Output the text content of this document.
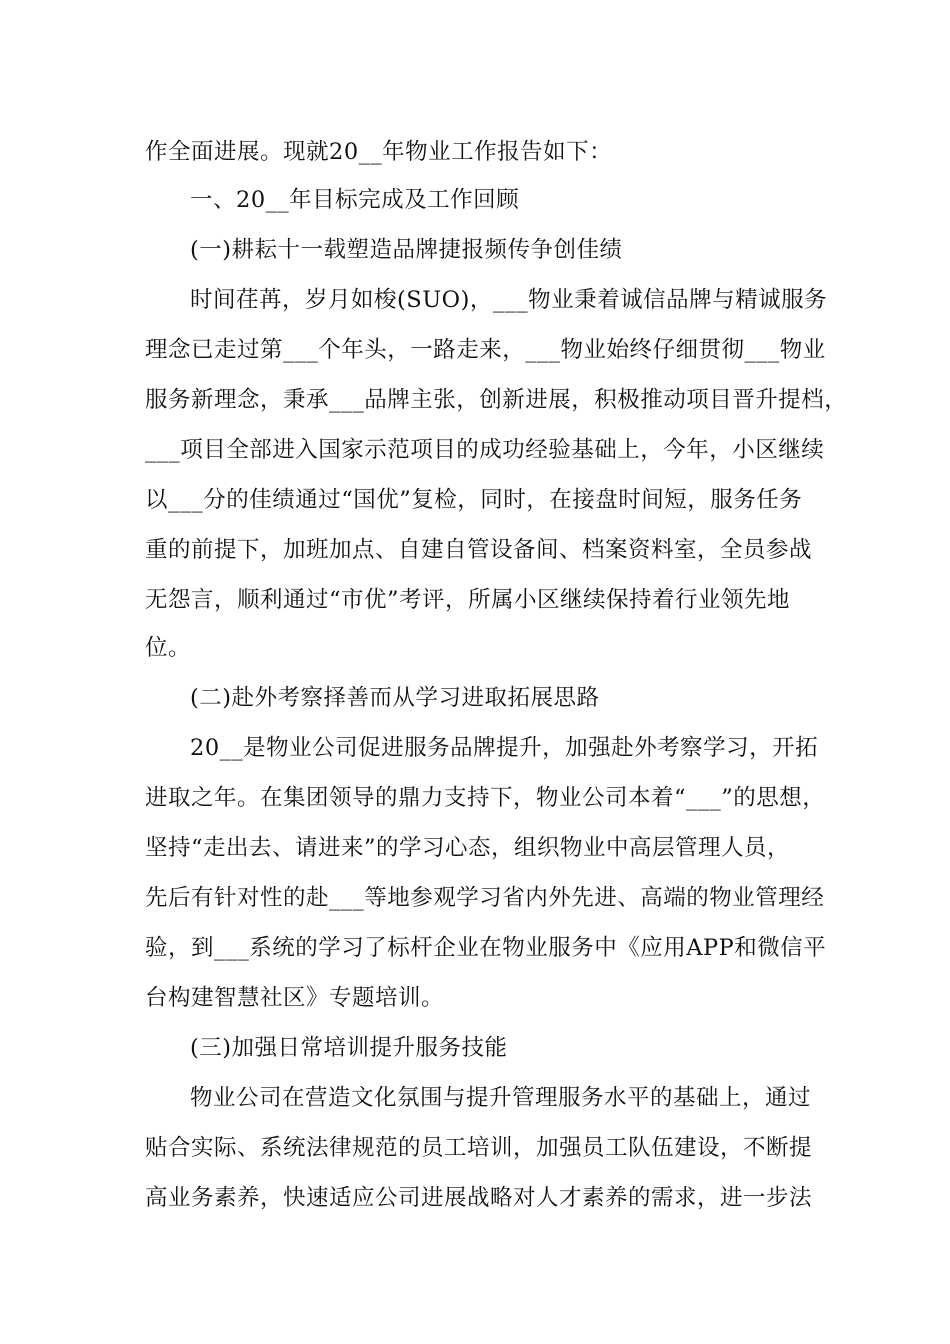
作全面进展。现就20__年物业工作报告如下：
一、20__年目标完成及工作回顾
(一)耕耘十一载塑造品牌捷报频传争创佳绩
时间荏苒，岁月如梭(SUO)，___物业秉着诚信品牌与精诚服务
理念已走过第___个年头，一路走来，___物业始终仔细贯彻___物业
服务新理念，秉承___品牌主张，创新进展，积极推动项目晋升提档，
___项目全部进入国家示范项目的成功经验基础上，今年，小区继续
以___分的佳绩通过“国优”复检，同时，在接盘时间短，服务任务
重的前提下，加班加点、自建自管设备间、档案资料室，全员参战
无怨言，顺利通过“市优”考评，所属小区继续保持着行业领先地
位。
(二)赴外考察择善而从学习进取拓展思路
20__是物业公司促进服务品牌提升，加强赴外考察学习，开拓
进取之年。在集团领导的鼎力支持下，物业公司本着“___”的思想，
坚持“走出去、请进来”的学习心态，组织物业中高层管理人员，
先后有针对性的赴___等地参观学习省内外先进、高端的物业管理经
验，到___系统的学习了标杆企业在物业服务中《应用APP和微信平
台构建智慧社区》专题培训。
(三)加强日常培训提升服务技能
物业公司在营造文化氛围与提升管理服务水平的基础上，通过
贴合实际、系统法律规范的员工培训，加强员工队伍建设，不断提
高业务素养，快速适应公司进展战略对人才素养的需求，进一步法
